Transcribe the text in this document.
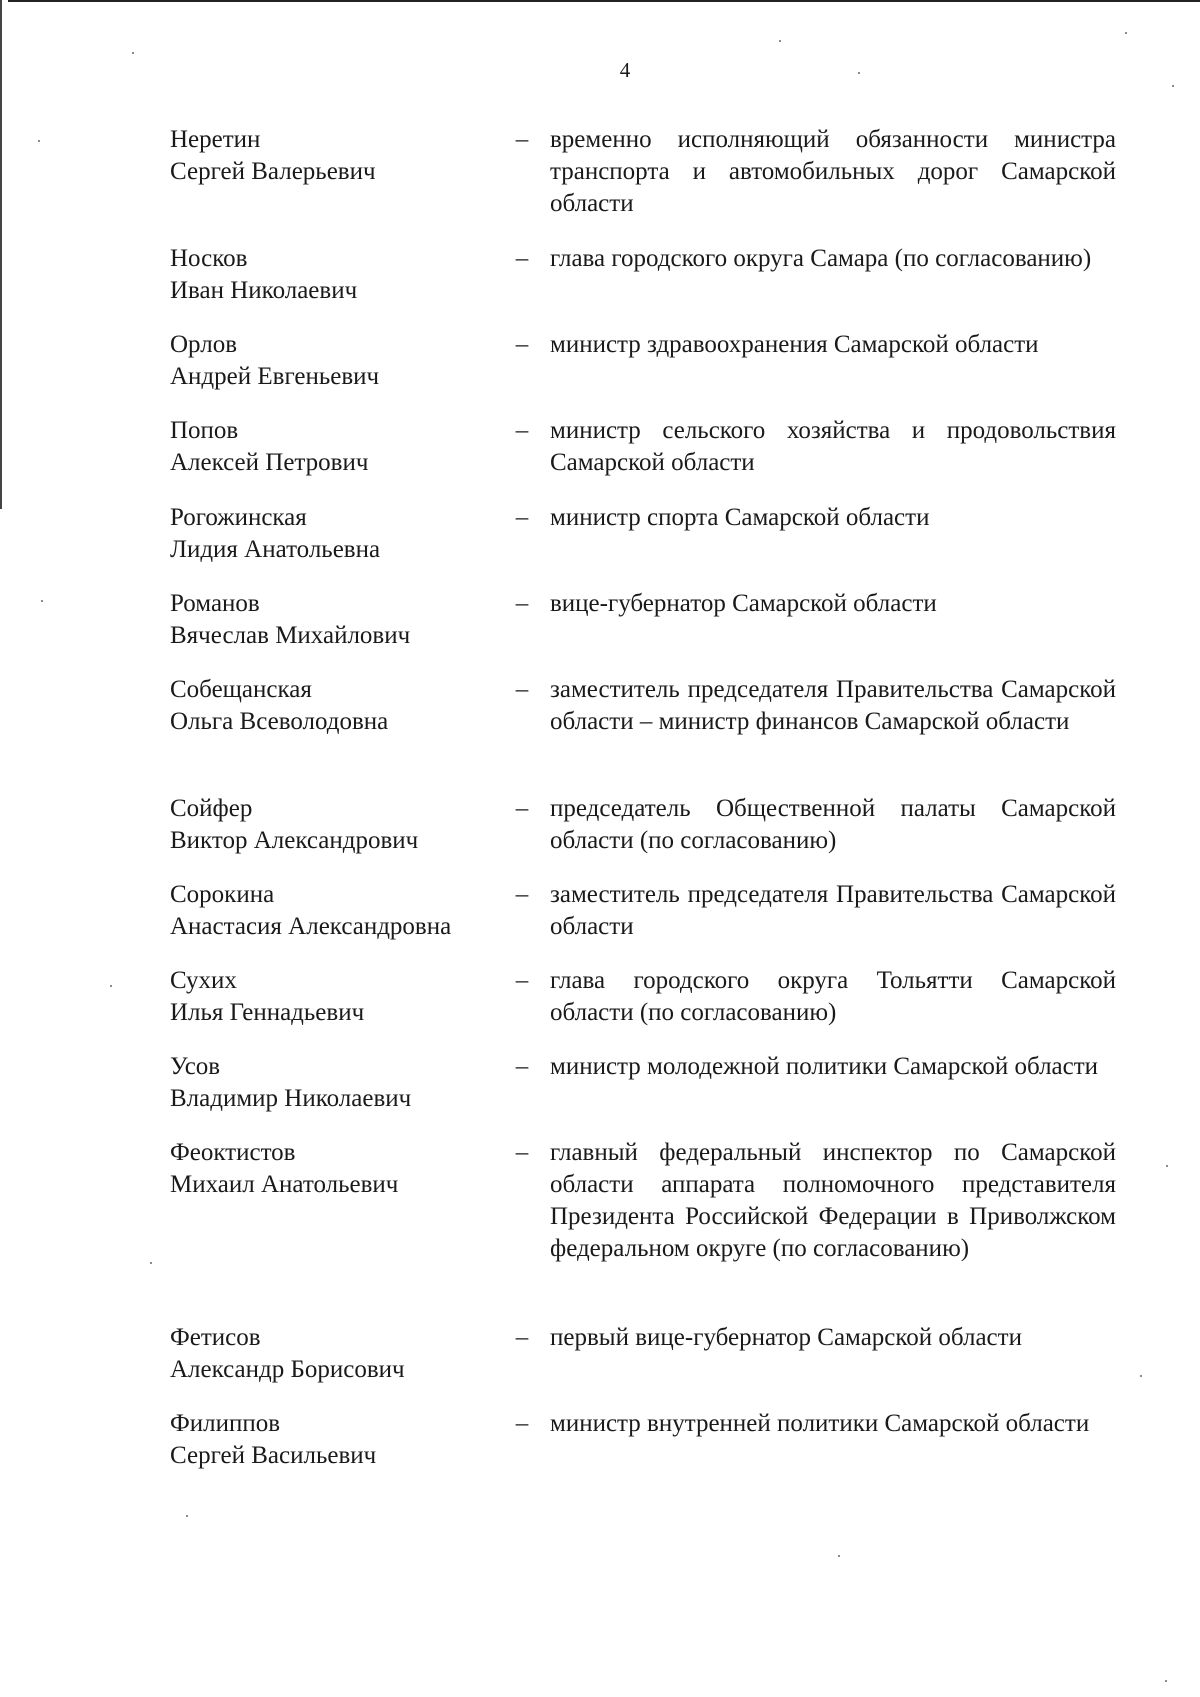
4
Неретин
Сергей Валерьевич
– временно исполняющий обязанности министра транспорта и автомобильных дорог Самарской области
Носков
Иван Николаевич
– глава городского округа Самара (по согласованию)
Орлов
Андрей Евгеньевич
– министр здравоохранения Самарской области
Попов
Алексей Петрович
– министр сельского хозяйства и продовольствия Самарской области
Рогожинская
Лидия Анатольевна
– министр спорта Самарской области
Романов
Вячеслав Михайлович
– вице-губернатор Самарской области
Собещанская
Ольга Всеволодовна
– заместитель председателя Правительства Самарской области – министр финансов Самарской области
Сойфер
Виктор Александрович
– председатель Общественной палаты Самарской области (по согласованию)
Сорокина
Анастасия Александровна
– заместитель председателя Правительства Самарской области
Сухих
Илья Геннадьевич
– глава городского округа Тольятти Самарской области (по согласованию)
Усов
Владимир Николаевич
– министр молодежной политики Самарской области
Феоктистов
Михаил Анатольевич
– главный федеральный инспектор по Самарской области аппарата полномочного представителя Президента Российской Федерации в Приволжском федеральном округе (по согласованию)
Фетисов
Александр Борисович
– первый вице-губернатор Самарской области
Филиппов
Сергей Васильевич
– министр внутренней политики Самарской области
